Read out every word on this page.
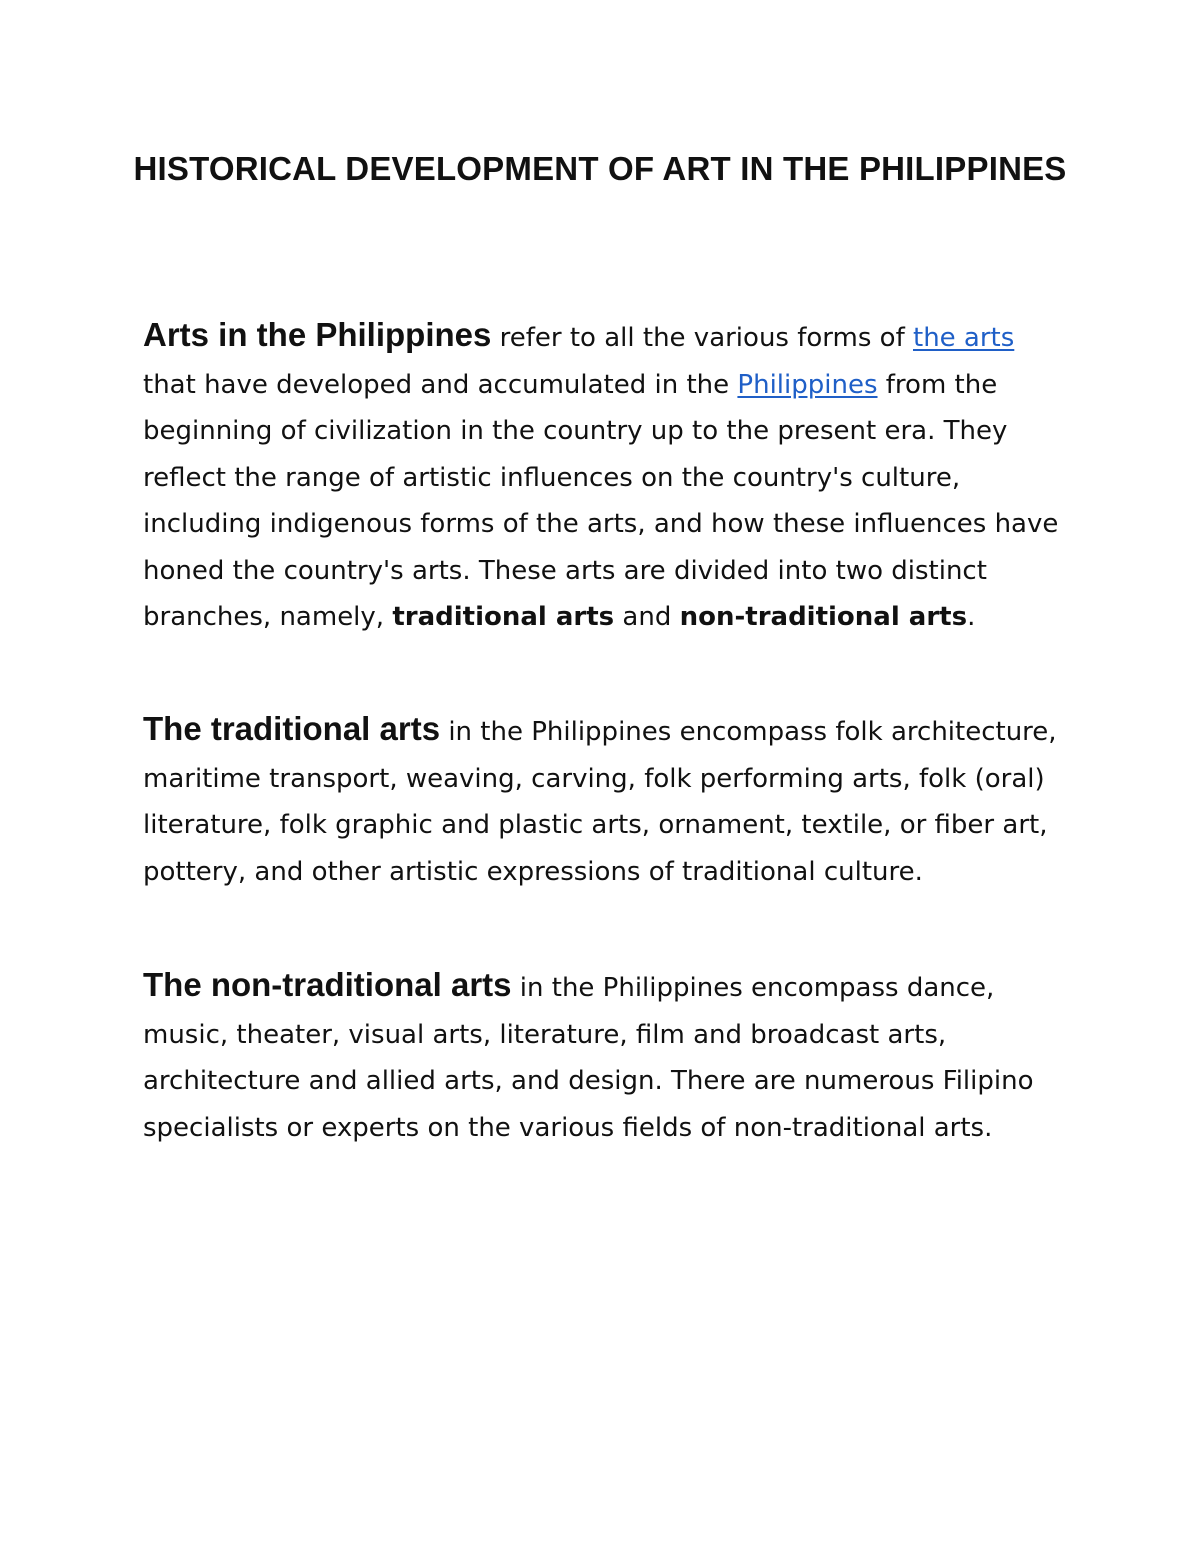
HISTORICAL DEVELOPMENT OF ART IN THE PHILIPPINES

Arts in the Philippines refer to all the various forms of the arts that have developed and accumulated in the Philippines from the beginning of civilization in the country up to the present era. They reflect the range of artistic influences on the country's culture, including indigenous forms of the arts, and how these influences have honed the country's arts. These arts are divided into two distinct branches, namely, traditional arts and non-traditional arts.

The traditional arts in the Philippines encompass folk architecture, maritime transport, weaving, carving, folk performing arts, folk (oral) literature, folk graphic and plastic arts, ornament, textile, or fiber art, pottery, and other artistic expressions of traditional culture.

The non-traditional arts in the Philippines encompass dance, music, theater, visual arts, literature, film and broadcast arts, architecture and allied arts, and design. There are numerous Filipino specialists or experts on the various fields of non-traditional arts.
